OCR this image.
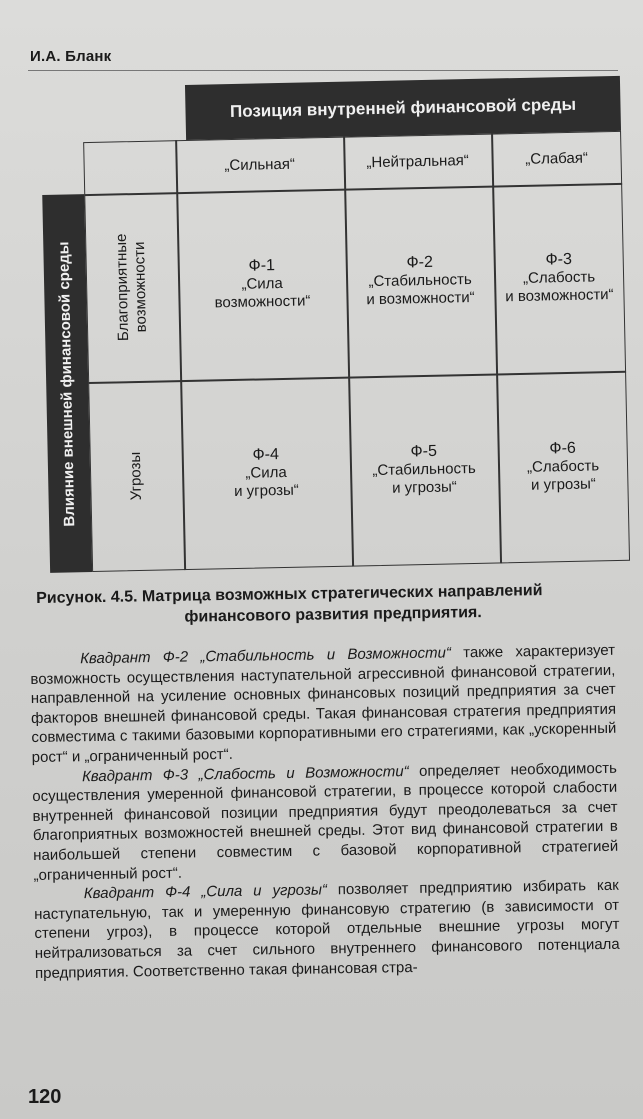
И.А. Бланк
Позиция внутренней финансовой среды
Влияние внешней финансовой среды
„Сильная“	„Нейтральная“	„Слабая“
Благоприятные
возможности
Угрозы
Ф-1
„Сила
возможности“
Ф-2
„Стабильность
и возможности“
Ф-3
„Слабость
и возможности“
Ф-4
„Сила
и угрозы“
Ф-5
„Стабильность
и угрозы“
Ф-6
„Слабость
и угрозы“
Рисунок. 4.5. Матрица возможных стратегических направлений
финансового развития предприятия.

Квадрант Ф-2 „Стабильность и Возможности“ также характеризует возможность осуществления наступательной агрессивной финансовой стратегии, направленной на усиление основных финансовых позиций предприятия за счет факторов внешней финансовой среды. Такая финансовая стратегия предприятия совместима с такими базовыми корпоративными его стратегиями, как „ускоренный рост“ и „ограниченный рост“.

Квадрант Ф-3 „Слабость и Возможности“ определяет необходимость осуществления умеренной финансовой стратегии, в процессе которой слабости внутренней финансовой позиции предприятия будут преодолеваться за счет благоприятных возможностей внешней среды. Этот вид финансовой стратегии в наибольшей степени совместим с базовой корпоративной стратегией „ограниченный рост“.

Квадрант Ф-4 „Сила и угрозы“ позволяет предприятию избирать как наступательную, так и умеренную финансовую стратегию (в зависимости от степени угроз), в процессе которой отдельные внешние угрозы могут нейтрализоваться за счет сильного внутреннего финансового потенциала предприятия. Соответственно такая финансовая стра-

120
